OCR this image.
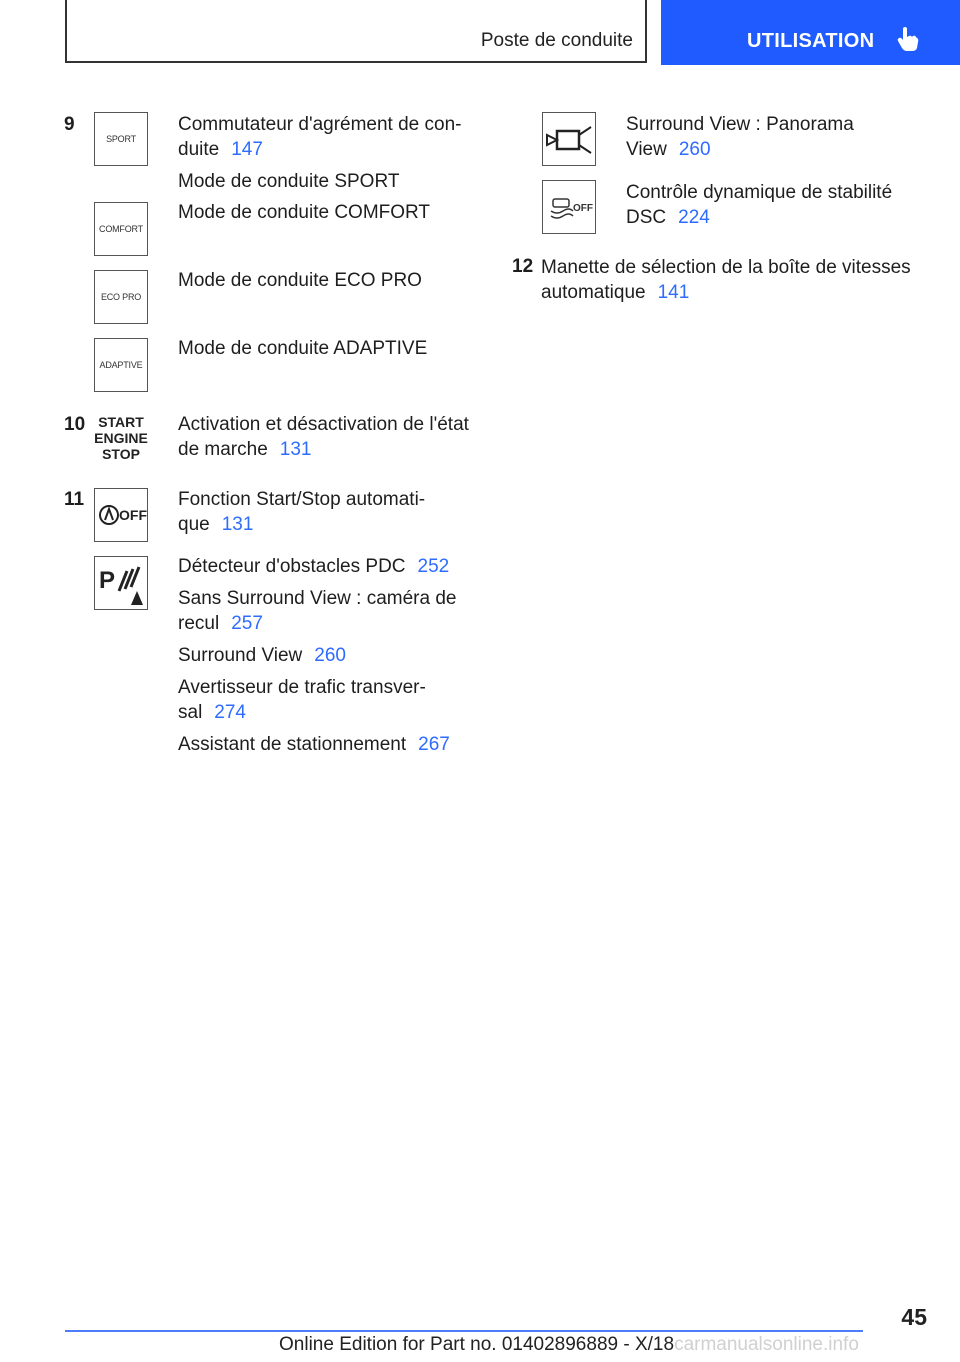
Poste de conduite	UTILISATION
9
SPORT
Commutateur d'agrément de con-
duite 147
Mode de conduite SPORT
COMFORT
Mode de conduite COMFORT
ECO PRO
Mode de conduite ECO PRO
ADAPTIVE
Mode de conduite ADAPTIVE
10 START
ENGINE
STOP
Activation et désactivation de l'état
de marche 131
11
OFF
Fonction Start/Stop automati-
que 131
P
Détecteur d'obstacles PDC 252
Sans Surround View : caméra de
recul 257
Surround View 260
Avertisseur de trafic transver-
sal 274
Assistant de stationnement 267
Surround View : Panorama
View 260
OFF
Contrôle dynamique de stabilité
DSC 224
12 Manette de sélection de la boîte de vitesses
automatique 141
45
Online Edition for Part no. 01402896889 - X/18carmanualsonline.info
